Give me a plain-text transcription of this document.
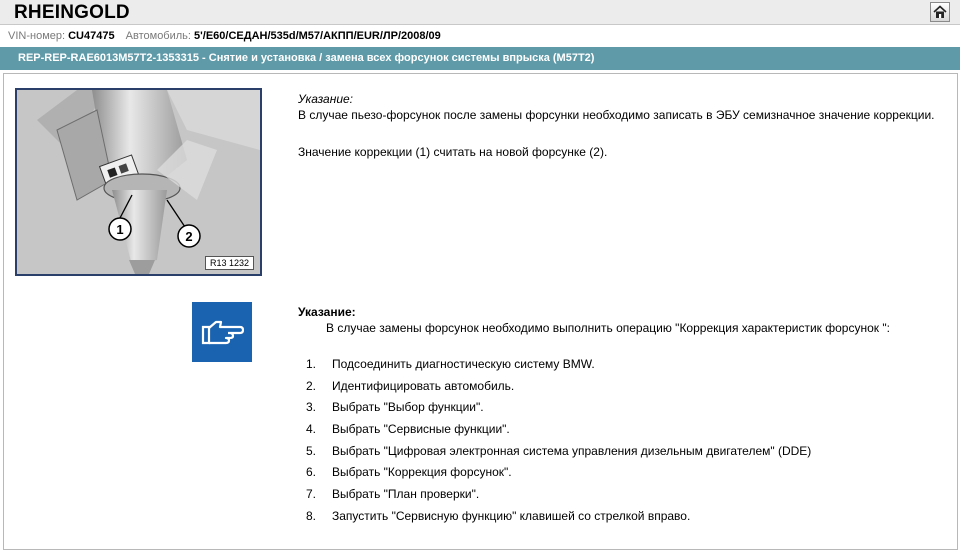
RHEINGOLD
VIN-номер: CU47475 Автомобиль: 5'/E60/СЕДАН/535d/M57/АКПП/EUR/ЛР/2008/09
REP-REP-RAE6013M57T2-1353315 - Снятие и установка / замена всех форсунок системы впрыска (M57T2)
1	2
R13 1232
Указание:
В случае пьезо-форсунок после замены форсунки необходимо записать в ЭБУ семизначное значение коррекции.
Значение коррекции (1) считать на новой форсунке (2).
Указание:
В случае замены форсунок необходимо выполнить операцию "Коррекция характеристик форсунок ":
1.	Подсоединить диагностическую систему BMW.
2.	Идентифицировать автомобиль.
3.	Выбрать "Выбор функции".
4.	Выбрать "Сервисные функции".
5.	Выбрать "Цифровая электронная система управления дизельным двигателем" (DDE)
6.	Выбрать "Коррекция форсунок".
7.	Выбрать "План проверки".
8.	Запустить "Сервисную функцию" клавишей со стрелкой вправо.
